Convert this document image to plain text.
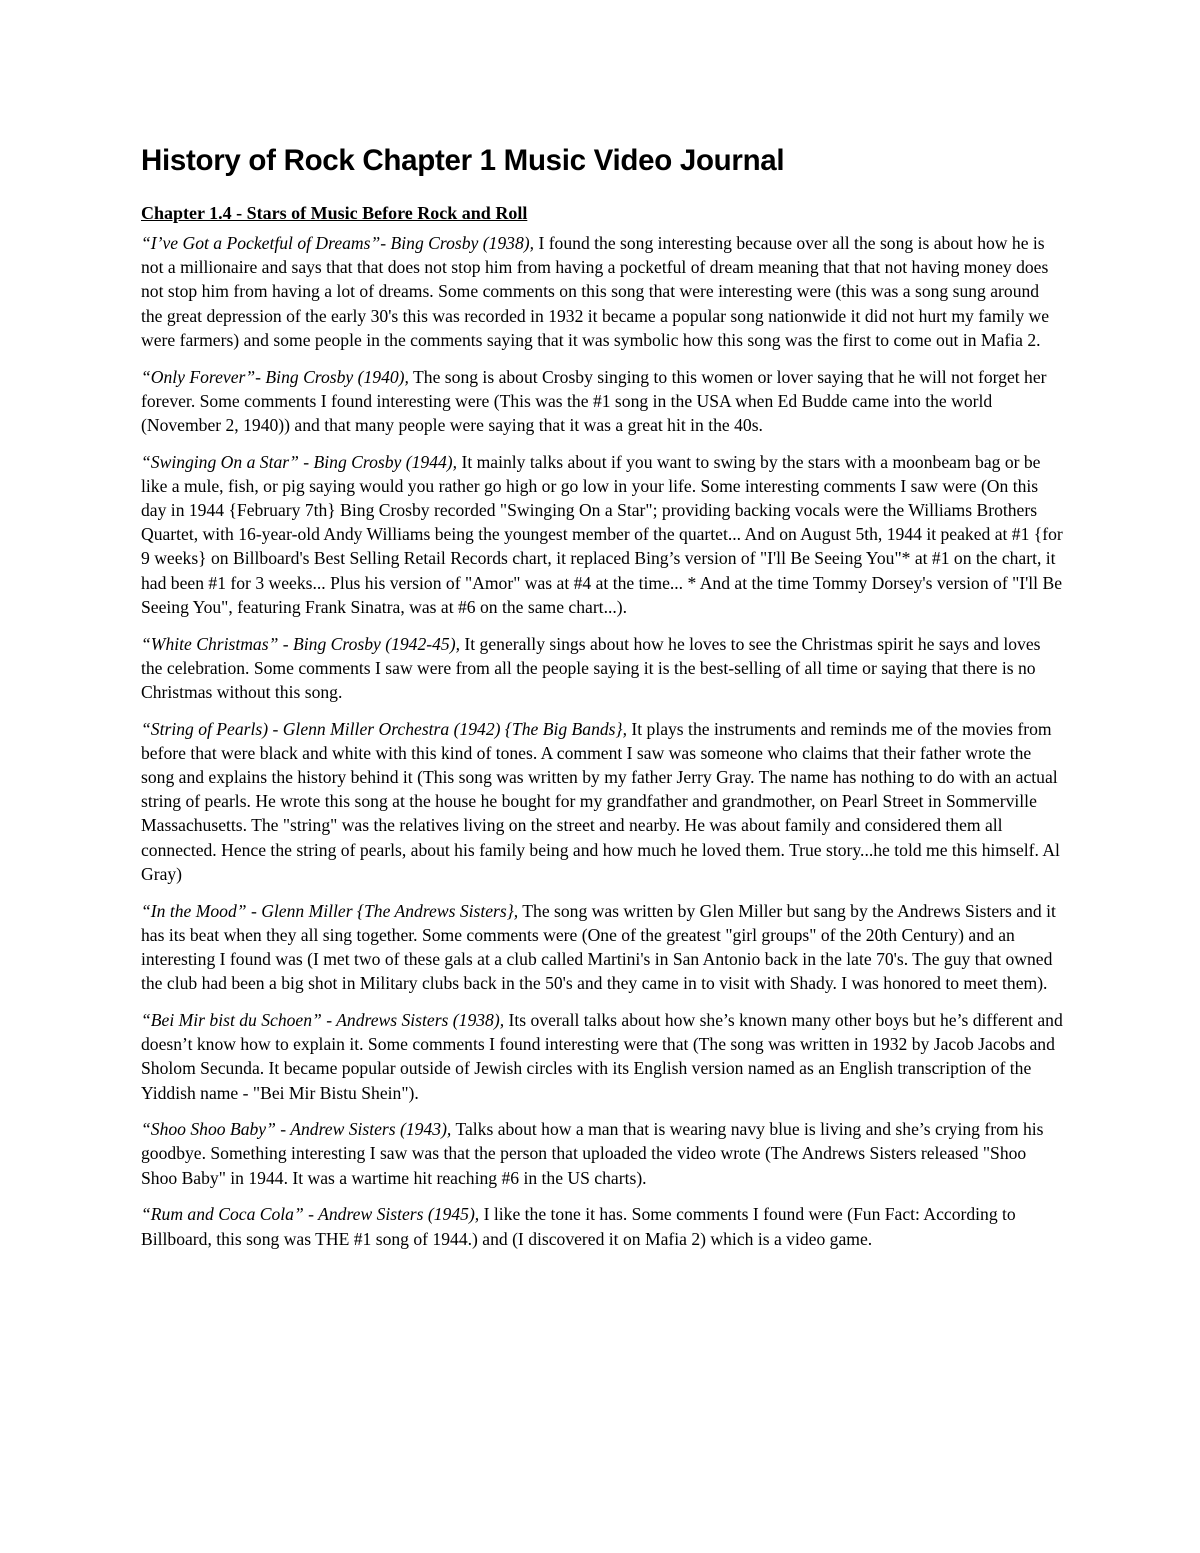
History of Rock Chapter 1 Music Video Journal
Chapter 1.4 - Stars of Music Before Rock and Roll

“I’ve Got a Pocketful of Dreams”- Bing Crosby (1938), I found the song interesting because over all the song is about how he is not a millionaire and says that that does not stop him from having a pocketful of dream meaning that that not having money does not stop him from having a lot of dreams. Some comments on this song that were interesting were (this was a song sung around the great depression of the early 30's this was recorded in 1932 it became a popular song nationwide it did not hurt my family we were farmers) and some people in the comments saying that it was symbolic how this song was the first to come out in Mafia 2.

“Only Forever”- Bing Crosby (1940), The song is about Crosby singing to this women or lover saying that he will not forget her forever. Some comments I found interesting were (This was the #1 song in the USA when Ed Budde came into the world (November 2, 1940)) and that many people were saying that it was a great hit in the 40s.

“Swinging On a Star” - Bing Crosby (1944), It mainly talks about if you want to swing by the stars with a moonbeam bag or be like a mule, fish, or pig saying would you rather go high or go low in your life. Some interesting comments I saw were (On this day in 1944 {February 7th} Bing Crosby recorded "Swinging On a Star"; providing backing vocals were the Williams Brothers Quartet, with 16-year-old Andy Williams being the youngest member of the quartet... And on August 5th, 1944 it peaked at #1 {for 9 weeks} on Billboard's Best Selling Retail Records chart, it replaced Bing’s version of "I'll Be Seeing You"* at #1 on the chart, it had been #1 for 3 weeks... Plus his version of "Amor" was at #4 at the time... * And at the time Tommy Dorsey's version of "I'll Be Seeing You", featuring Frank Sinatra, was at #6 on the same chart...).

“White Christmas” - Bing Crosby (1942-45), It generally sings about how he loves to see the Christmas spirit he says and loves the celebration. Some comments I saw were from all the people saying it is the best-selling of all time or saying that there is no Christmas without this song.

“String of Pearls) - Glenn Miller Orchestra (1942) {The Big Bands}, It plays the instruments and reminds me of the movies from before that were black and white with this kind of tones. A comment I saw was someone who claims that their father wrote the song and explains the history behind it (This song was written by my father Jerry Gray. The name has nothing to do with an actual string of pearls. He wrote this song at the house he bought for my grandfather and grandmother, on Pearl Street in Sommerville Massachusetts. The "string" was the relatives living on the street and nearby. He was about family and considered them all connected. Hence the string of pearls, about his family being and how much he loved them. True story...he told me this himself. Al Gray)

“In the Mood” - Glenn Miller {The Andrews Sisters}, The song was written by Glen Miller but sang by the Andrews Sisters and it has its beat when they all sing together. Some comments were (One of the greatest "girl groups" of the 20th Century) and an interesting I found was (I met two of these gals at a club called Martini's in San Antonio back in the late 70's. The guy that owned the club had been a big shot in Military clubs back in the 50's and they came in to visit with Shady. I was honored to meet them).

“Bei Mir bist du Schoen” - Andrews Sisters (1938), Its overall talks about how she’s known many other boys but he’s different and doesn’t know how to explain it. Some comments I found interesting were that (The song was written in 1932 by Jacob Jacobs and Sholom Secunda. It became popular outside of Jewish circles with its English version named as an English transcription of the Yiddish name - "Bei Mir Bistu Shein").

“Shoo Shoo Baby” - Andrew Sisters (1943), Talks about how a man that is wearing navy blue is living and she’s crying from his goodbye. Something interesting I saw was that the person that uploaded the video wrote (The Andrews Sisters released "Shoo Shoo Baby" in 1944. It was a wartime hit reaching #6 in the US charts).

“Rum and Coca Cola” - Andrew Sisters (1945), I like the tone it has. Some comments I found were (Fun Fact: According to Billboard, this song was THE #1 song of 1944.) and (I discovered it on Mafia 2) which is a video game.
